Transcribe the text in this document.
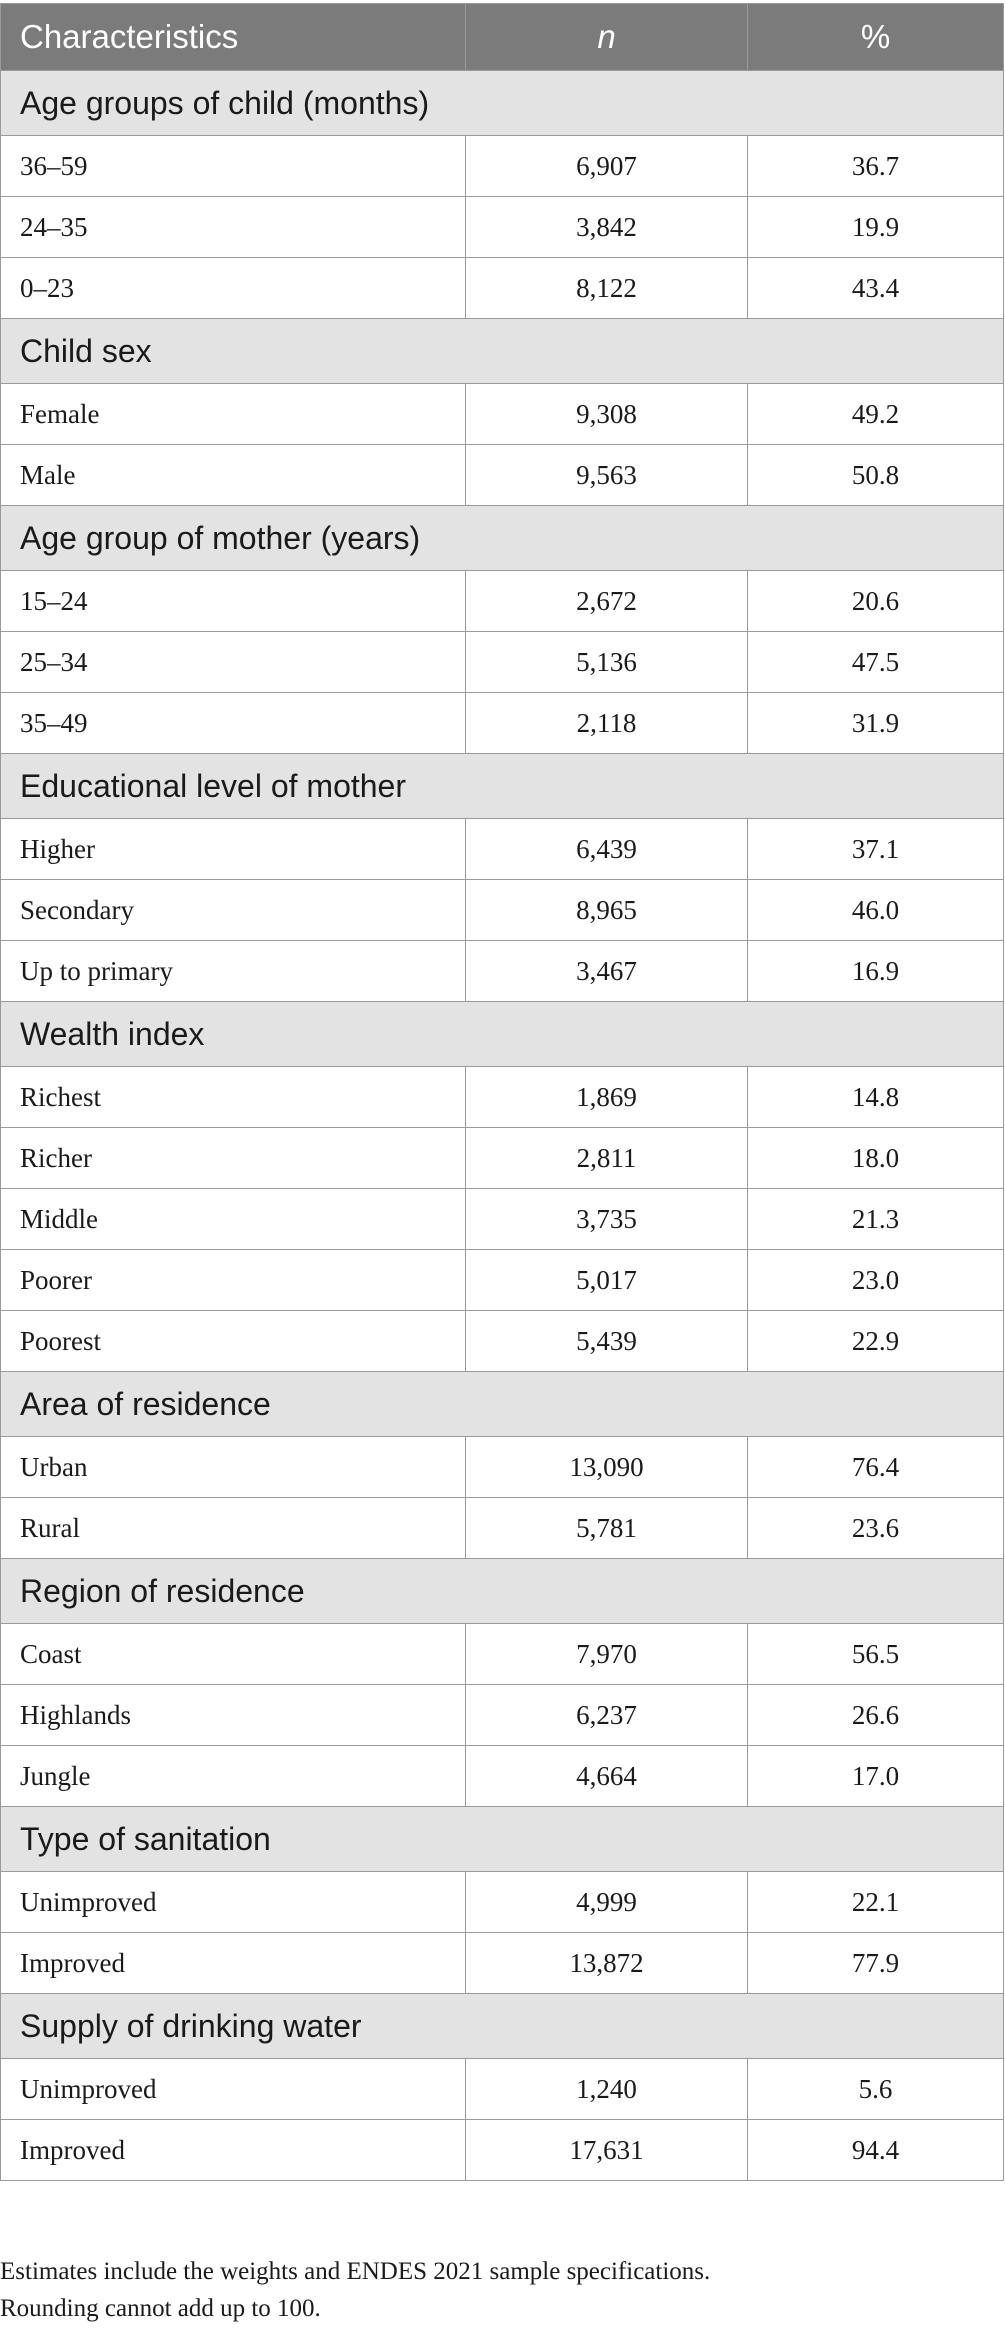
Characteristics	n	%
Age groups of child (months)		
36–59	6,907	36.7
24–35	3,842	19.9
0–23	8,122	43.4
Child sex		
Female	9,308	49.2
Male	9,563	50.8
Age group of mother (years)		
15–24	2,672	20.6
25–34	5,136	47.5
35–49	2,118	31.9
Educational level of mother		
Higher	6,439	37.1
Secondary	8,965	46.0
Up to primary	3,467	16.9
Wealth index		
Richest	1,869	14.8
Richer	2,811	18.0
Middle	3,735	21.3
Poorer	5,017	23.0
Poorest	5,439	22.9
Area of residence		
Urban	13,090	76.4
Rural	5,781	23.6
Region of residence		
Coast	7,970	56.5
Highlands	6,237	26.6
Jungle	4,664	17.0
Type of sanitation		
Unimproved	4,999	22.1
Improved	13,872	77.9
Supply of drinking water		
Unimproved	1,240	5.6
Improved	17,631	94.4
Estimates include the weights and ENDES 2021 sample specifications.
Rounding cannot add up to 100.
